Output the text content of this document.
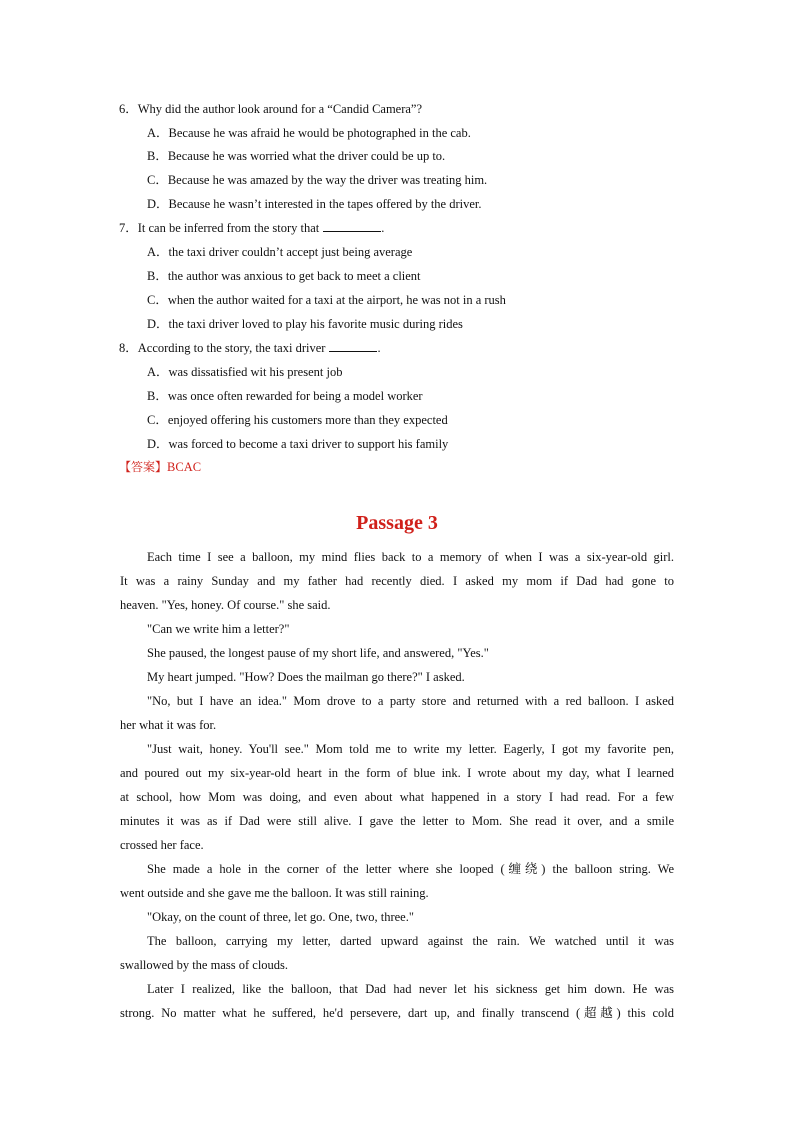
6．Why did the author look around for a “Candid Camera”?
A．Because he was afraid he would be photographed in the cab.
B．Because he was worried what the driver could be up to.
C．Because he was amazed by the way the driver was treating him.
D．Because he wasn’t interested in the tapes offered by the driver.
7．It can be inferred from the story that	.
A．the taxi driver couldn’t accept just being average
B．the author was anxious to get back to meet a client
C．when the author waited for a taxi at the airport, he was not in a rush
D．the taxi driver loved to play his favorite music during rides
8．According to the story, the taxi driver	.
A．was dissatisfied wit his present job
B．was once often rewarded for being a model worker
C．enjoyed offering his customers more than they expected
D．was forced to become a taxi driver to support his family
【答案】BCAC
Passage 3
Each time I see a balloon, my mind flies back to a memory of when I was a six-year-old girl.
It was a rainy Sunday and my father had recently died. I asked my mom if Dad had gone to
heaven. "Yes, honey. Of course." she said.
"Can we write him a letter?"
She paused, the longest pause of my short life, and answered, "Yes."
My heart jumped. "How? Does the mailman go there?" I asked.
"No, but I have an idea." Mom drove to a party store and returned with a red balloon. I asked
her what it was for.
"Just wait, honey. You'll see." Mom told me to write my letter. Eagerly, I got my favorite pen,
and poured out my six-year-old heart in the form of blue ink. I wrote about my day, what I learned
at school, how Mom was doing, and even about what happened in a story I had read. For a few
minutes it was as if Dad were still alive. I gave the letter to Mom. She read it over, and a smile
crossed her face.
She made a hole in the corner of the letter where she looped (缠绕) the balloon string. We
went outside and she gave me the balloon. It was still raining.
"Okay, on the count of three, let go. One, two, three."
The balloon, carrying my letter, darted upward against the rain. We watched until it was
swallowed by the mass of clouds.
Later I realized, like the balloon, that Dad had never let his sickness get him down. He was
strong. No matter what he suffered, he'd persevere, dart up, and finally transcend (超越) this cold
